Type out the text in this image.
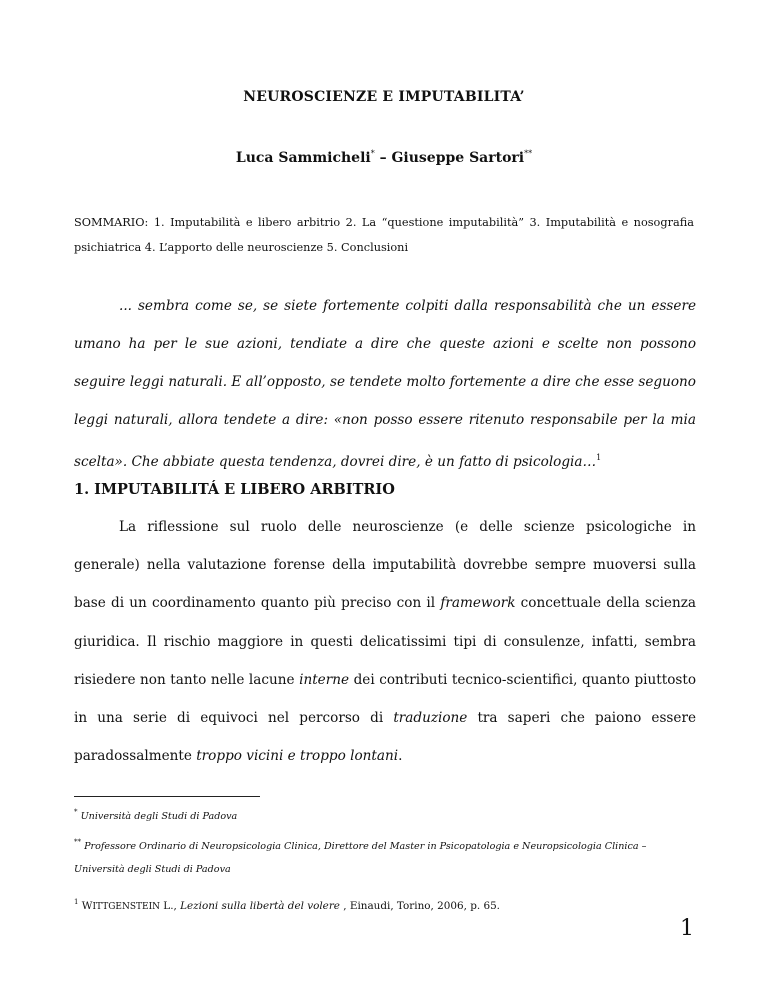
NEUROSCIENZE E IMPUTABILITA’
Luca Sammicheli* – Giuseppe Sartori**
SOMMARIO: 1. Imputabilità e libero arbitrio 2. La “questione imputabilità” 3. Imputabilità e nosografia psichiatrica 4. L’apporto delle neuroscienze 5. Conclusioni

... sembra come se, se siete fortemente colpiti dalla responsabilità che un essere umano ha per le sue azioni, tendiate a dire che queste azioni e scelte non possono seguire leggi naturali. E all’opposto, se tendete molto fortemente a dire che esse seguono leggi naturali, allora tendete a dire: «non posso essere ritenuto responsabile per la mia scelta». Che abbiate questa tendenza, dovrei dire, è un fatto di psicologia…$^1$

1. IMPUTABILITÁ E LIBERO ARBITRIO

La riflessione sul ruolo delle neuroscienze (e delle scienze psicologiche in generale) nella valutazione forense della imputabilità dovrebbe sempre muoversi sulla base di un coordinamento quanto più preciso con il framework concettuale della scienza giuridica. Il rischio maggiore in questi delicatissimi tipi di consulenze, infatti, sembra risiedere non tanto nelle lacune interne dei contributi tecnico-scientifici, quanto piuttosto in una serie di equivoci nel percorso di traduzione tra saperi che paiono essere paradossalmente troppo vicini e troppo lontani.

* Università degli Studi di Padova
** Professore Ordinario di Neuropsicologia Clinica, Direttore del Master in Psicopatologia e Neuropsicologia Clinica –
Università degli Studi di Padova
$^1$ WITTGENSTEIN L., Lezioni sulla libertà del volere , Einaudi, Torino, 2006, p. 65.
1
